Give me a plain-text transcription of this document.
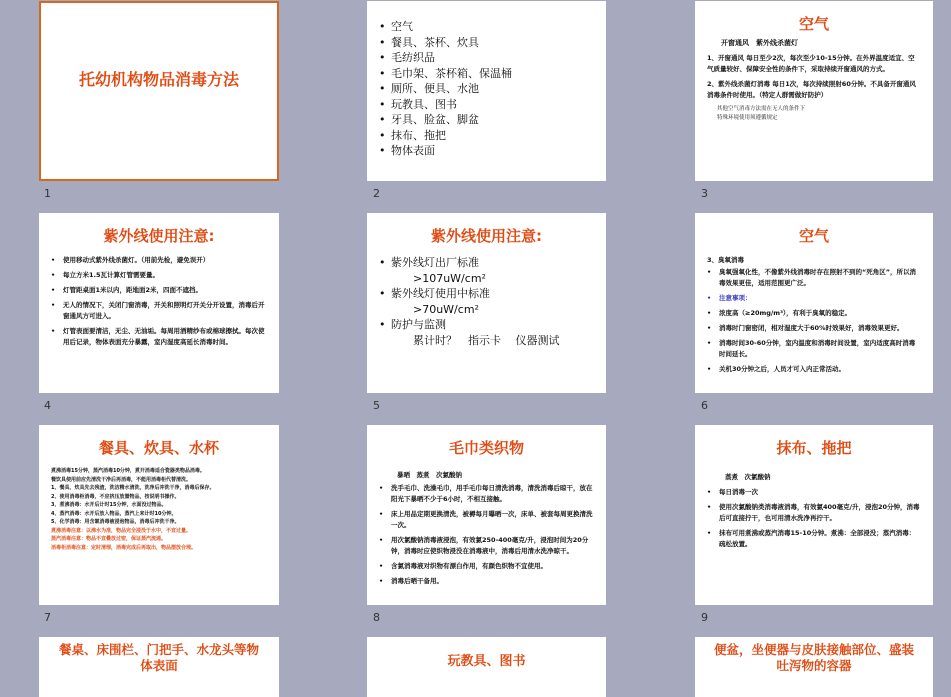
托幼机构物品消毒方法
1
• 空气
• 餐具、茶杯、炊具
• 毛纺织品
• 毛巾架、茶杯箱、保温桶
• 厕所、便具、水池
• 玩教具、图书
• 牙具、脸盆、脚盆
• 抹布、拖把
• 物体表面
2
空气
开窗通风　紫外线杀菌灯
1、开窗通风 每日至少2次，每次至少10-15分钟。在外界温度适宜、空气质量较好、保障安全性的条件下，采取持续开窗通风的方式。
2、紫外线杀菌灯消毒 每日1次，每次持续照射60分钟。不具备开窗通风消毒条件时使用。（特定人群需做好防护）
其他空气消毒方法需在无人的条件下
特殊环境使用须遵循规定
3
紫外线使用注意:
• 使用移动式紫外线杀菌灯。（用前先检，避免误开）
• 每立方米1.5瓦计算灯管需要量。
• 灯管距桌面1米以内，距地面2米，四面不遮挡。
• 无人的情况下，关闭门窗消毒，开关和照明灯开关分开设置，消毒后开窗通风方可进入。
• 灯管表面要清洁，无尘、无油垢。每周用酒精纱布或棉球擦拭。每次使用后记录，物体表面充分暴露，室内湿度高延长消毒时间。
4
紫外线使用注意:
紫外线灯出厂标准
　　>107uW/cm²
紫外线灯使用中标准
　　>70uW/cm²
防护与监测
　　累计时？　指示卡　 仪器测试
•

•

•
5
空气
3、臭氧消毒
• 臭氧强氧化性，不像紫外线消毒时存在照射不到的“死角区”，所以消毒效果更佳，适用范围更广泛。
• 注意事项：
• 浓度高（≥20mg/m³），有利于臭氧的稳定。
• 消毒时门窗密闭，相对湿度大于60%时效果好，消毒效果更好。
• 消毒时间30-60分钟，室内温度和消毒时间设置，室内适度高时消毒时间延长。
• 关机30分钟之后，人员才可入内正常活动。
6
餐具、炊具、水杯
煮沸消毒15分钟，蒸汽消毒10分钟，煮开消毒适合瓷器类物品消毒。
餐饮具使用前应先清洗干净后再消毒，不能用消毒柜代替清洗。
1、餐具、炊具先去残渣，洗洁精水清洗，洗净后冲洗干净，消毒后保存。
2、使用消毒柜消毒，不应挤压放置物品，按说明书操作。
3、煮沸消毒：水开后计时15分钟，水面没过物品。
4、蒸汽消毒：水开后放入物品，蒸汽上来计时10分钟。
5、化学消毒：用含氯消毒液浸泡物品，消毒后冲洗干净。
煮沸消毒注意：以沸水为准，物品完全浸没于水中，不宜过量。
蒸汽消毒注意：物品不宜叠放过密，保证蒸汽流通。
消毒柜消毒注意：定时清理，消毒完成后再取出，物品摆放合理。
7
毛巾类织物
暴晒　蒸煮　次氯酸钠
• 洗手毛巾、洗澡毛巾，用手毛巾每日清洗消毒，清洗消毒后晾干，放在阳光下暴晒不少于6小时，不相互接触。
• 床上用品定期更换清洗，被褥每月曝晒一次，床单、被套每周更换清洗一次。
• 用次氯酸钠消毒液浸泡，有效氯250-400毫克/升，浸泡时间为20分钟，消毒时应使织物浸没在消毒液中，消毒后用清水洗净晾干。
• 含氯消毒液对织物有漂白作用，有颜色织物不宜使用。
• 消毒后晒干备用。
8
抹布、拖把
蒸煮　次氯酸钠
• 每日消毒一次
• 使用次氯酸钠类消毒液消毒，有效氯400毫克/升，浸泡20分钟，消毒后可直接拧干，也可用清水洗净再拧干。
• 抹布可用煮沸或蒸汽消毒15-10分钟。煮沸：全部浸没；蒸汽消毒：疏松放置。
9
餐桌、床围栏、门把手、水龙头等物体表面	玩教具、图书
便盆，坐便器与皮肤接触部位、盛装吐泻物的容器
